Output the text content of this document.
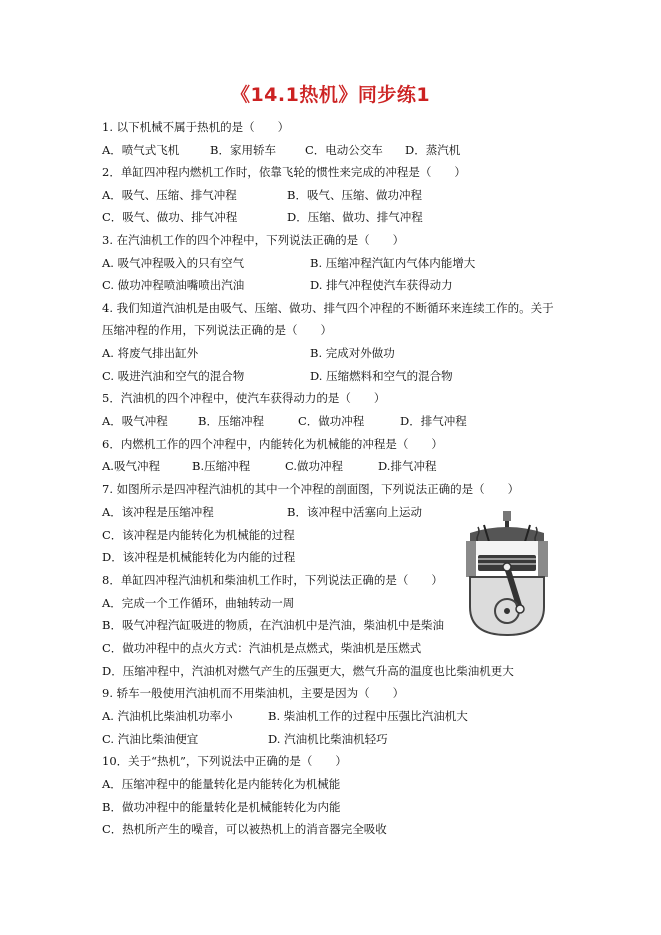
《14.1热机》同步练1
1. 以下机械不属于热机的是（　　）
A．喷气式飞机	B．家用轿车	C．电动公交车 D．蒸汽机
2．单缸四冲程内燃机工作时，依靠飞轮的惯性来完成的冲程是（　　）
A．吸气、压缩、排气冲程	B．吸气、压缩、做功冲程
C．吸气、做功、排气冲程	D．压缩、做功、排气冲程
3. 在汽油机工作的四个冲程中，下列说法正确的是（　　）
A. 吸气冲程吸入的只有空气	B. 压缩冲程汽缸内气体内能增大
C. 做功冲程喷油嘴喷出汽油	D. 排气冲程使汽车获得动力
4. 我们知道汽油机是由吸气、压缩、做功、排气四个冲程的不断循环来连续工作的。关于
压缩冲程的作用，下列说法正确的是（　　）
A. 将废气排出缸外	B. 完成对外做功
C. 吸进汽油和空气的混合物	D. 压缩燃料和空气的混合物
5．汽油机的四个冲程中，使汽车获得动力的是（　　）
A．吸气冲程	B．压缩冲程	C．做功冲程	D．排气冲程
6．内燃机工作的四个冲程中，内能转化为机械能的冲程是（　　）
A.吸气冲程	B.压缩冲程	C.做功冲程	D.排气冲程
7. 如图所示是四冲程汽油机的其中一个冲程的剖面图，下列说法正确的是（　　）
A．该冲程是压缩冲程	B．该冲程中活塞向上运动
C．该冲程是内能转化为机械能的过程
D．该冲程是机械能转化为内能的过程
8．单缸四冲程汽油机和柴油机工作时，下列说法正确的是（　　）
A．完成一个工作循环，曲轴转动一周
B．吸气冲程汽缸吸进的物质，在汽油机中是汽油，柴油机中是柴油
C．做功冲程中的点火方式：汽油机是点燃式，柴油机是压燃式
D．压缩冲程中，汽油机对燃气产生的压强更大，燃气升高的温度也比柴油机更大
9. 轿车一般使用汽油机而不用柴油机，主要是因为（　　）
A. 汽油机比柴油机功率小	B. 柴油机工作的过程中压强比汽油机大
C. 汽油比柴油便宜	D. 汽油机比柴油机轻巧
10．关于“热机”，下列说法中正确的是（　　）
A．压缩冲程中的能量转化是内能转化为机械能
B．做功冲程中的能量转化是机械能转化为内能
C．热机所产生的噪音，可以被热机上的消音器完全吸收
